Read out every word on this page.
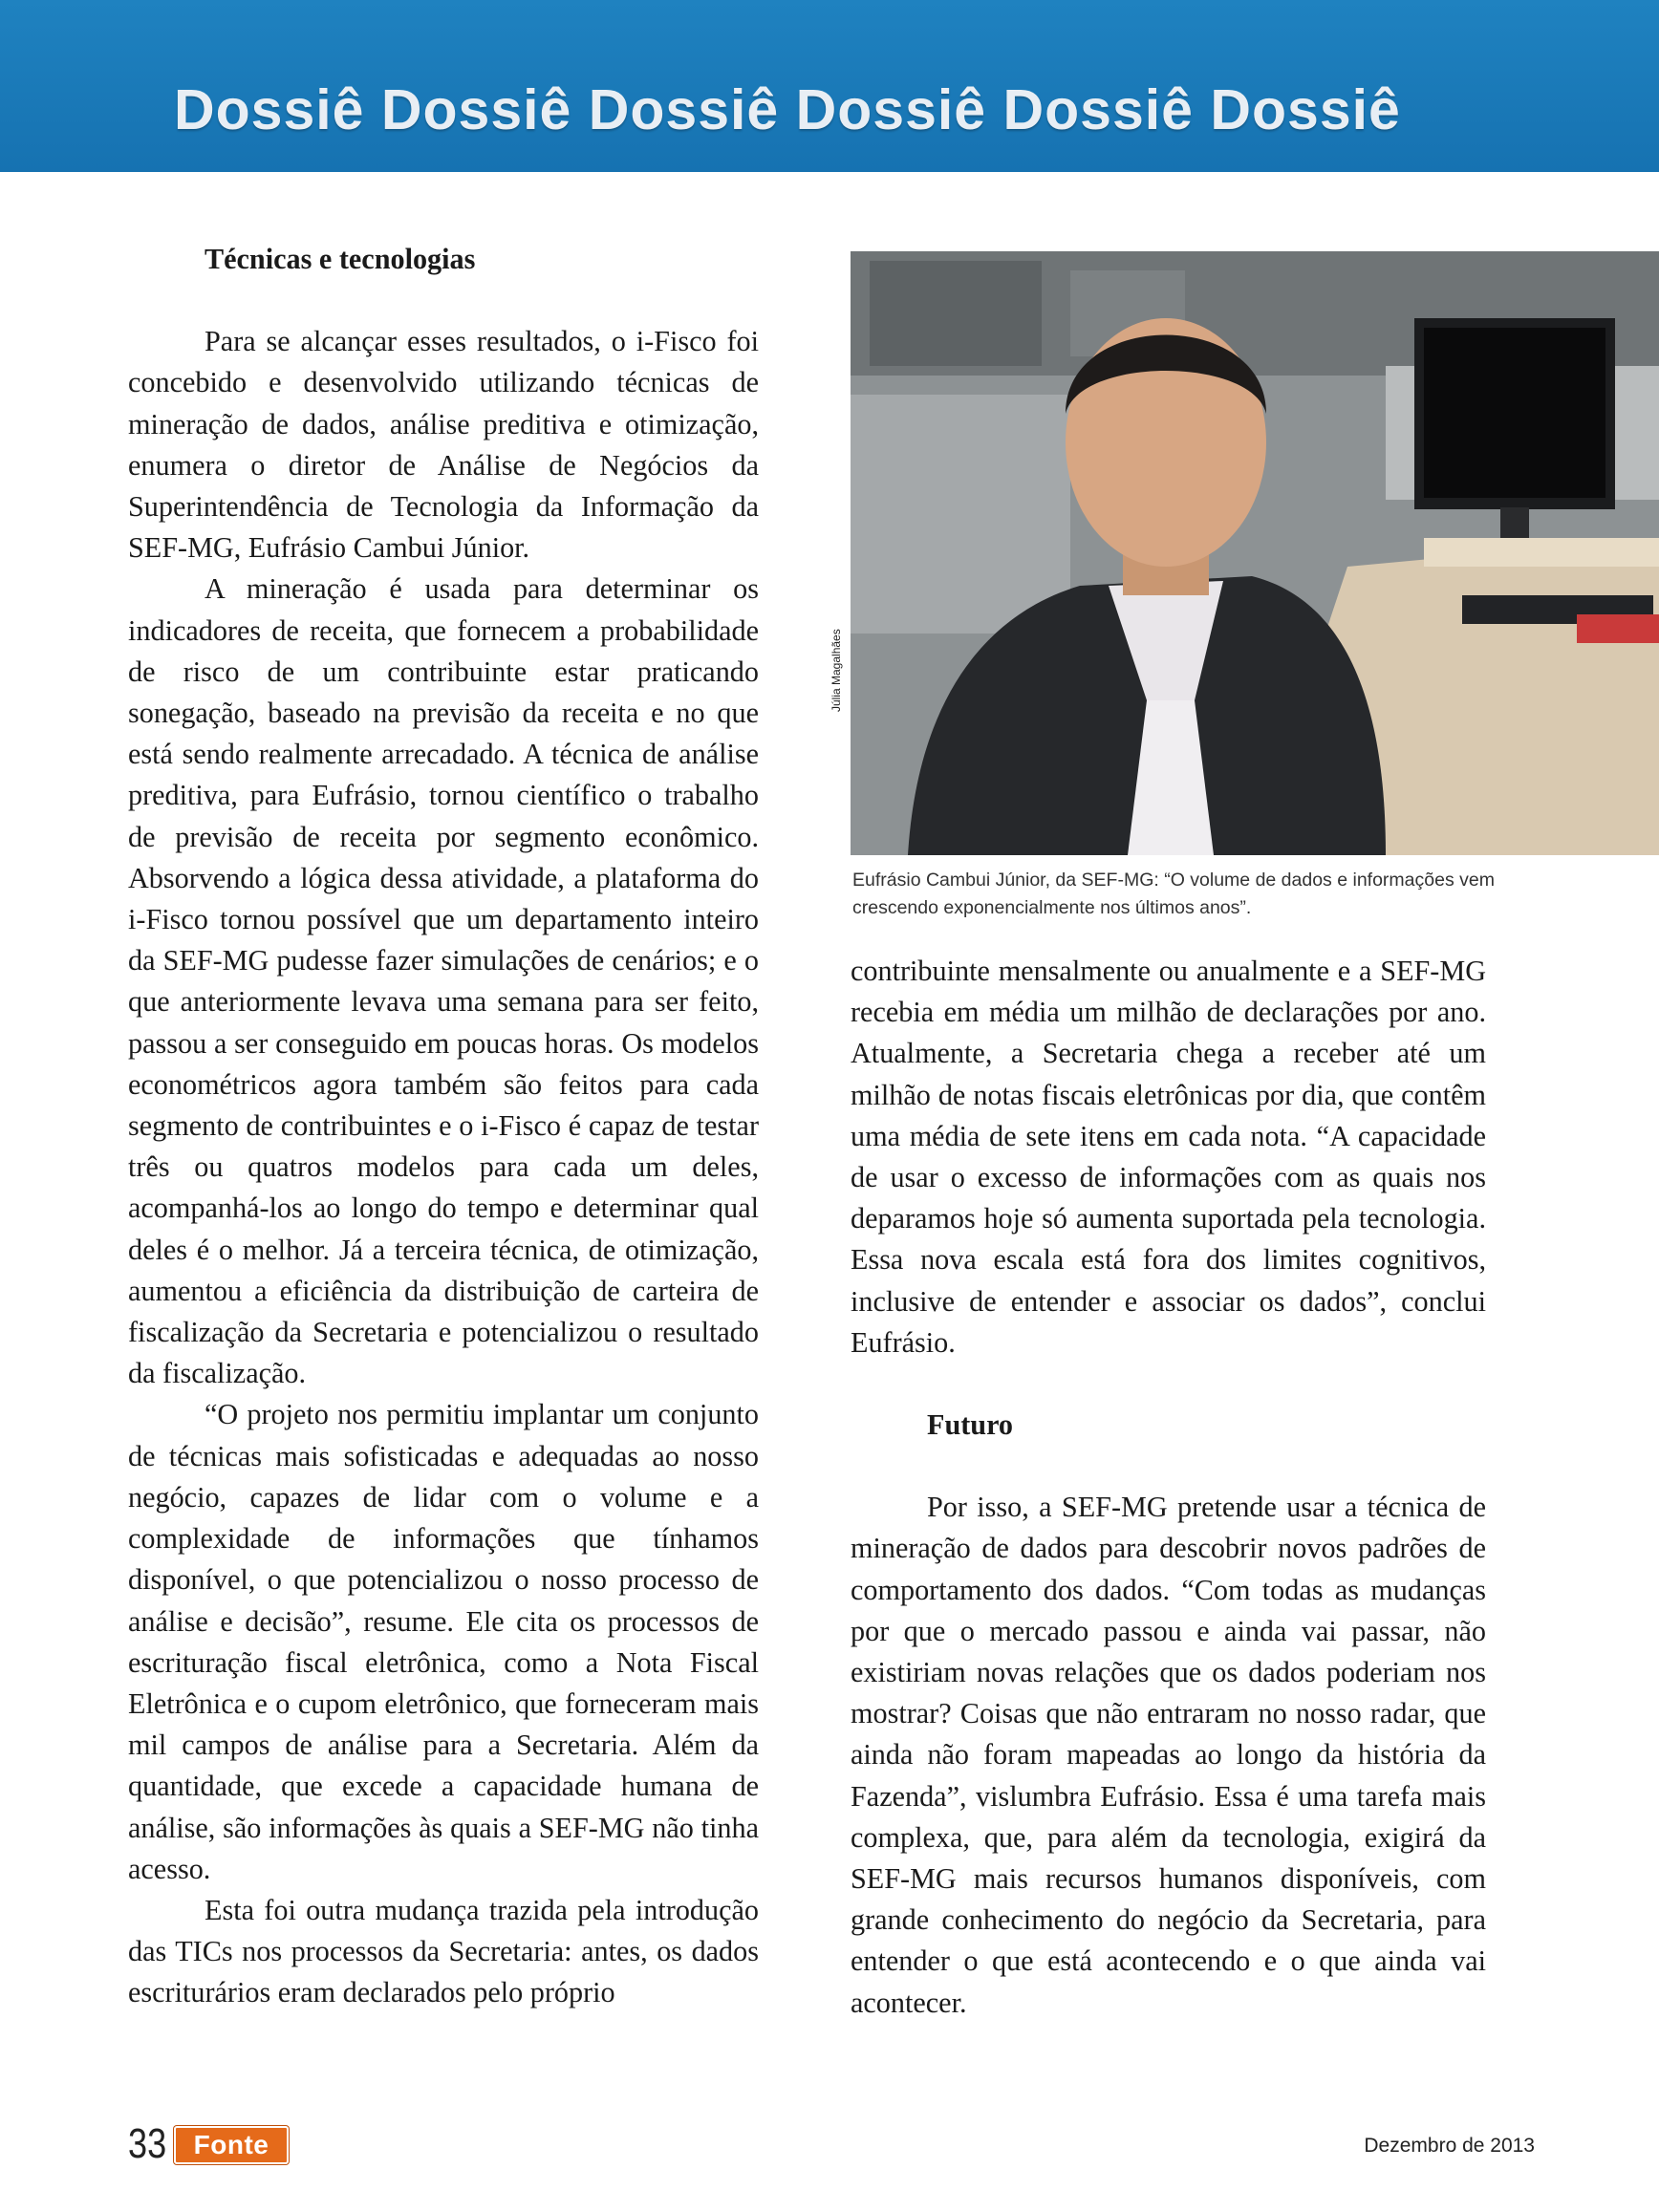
Dossiê Dossiê Dossiê Dossiê Dossiê Dossiê
Técnicas e tecnologias

Para se alcançar esses resultados, o i-Fisco foi concebido e desenvolvido utilizando técnicas de mineração de dados, análise preditiva e otimização, enumera o diretor de Análise de Negócios da Superintendência de Tecnologia da Informação da SEF-MG, Eufrásio Cambui Júnior.

A mineração é usada para determinar os indicadores de receita, que fornecem a probabilidade de risco de um contribuinte estar praticando sonegação, baseado na previsão da receita e no que está sendo realmente arrecadado. A técnica de análise preditiva, para Eufrásio, tornou científico o trabalho de previsão de receita por segmento econômico. Absorvendo a lógica dessa atividade, a plataforma do i-Fisco tornou possível que um departamento inteiro da SEF-MG pudesse fazer simulações de cenários; e o que anteriormente levava uma semana para ser feito, passou a ser conseguido em poucas horas. Os modelos econométricos agora também são feitos para cada segmento de contribuintes e o i-Fisco é capaz de testar três ou quatros modelos para cada um deles, acompanhá-los ao longo do tempo e determinar qual deles é o melhor. Já a terceira técnica, de otimização, aumentou a eficiência da distribuição de carteira de fiscalização da Secretaria e potencializou o resultado da fiscalização.

“O projeto nos permitiu implantar um conjunto de técnicas mais sofisticadas e adequadas ao nosso negócio, capazes de lidar com o volume e a complexidade de informações que tínhamos disponível, o que potencializou o nosso processo de análise e decisão”, resume. Ele cita os processos de escrituração fiscal eletrônica, como a Nota Fiscal Eletrônica e o cupom eletrônico, que forneceram mais mil campos de análise para a Secretaria. Além da quantidade, que excede a capacidade humana de análise, são informações às quais a SEF-MG não tinha acesso.

Esta foi outra mudança trazida pela introdução das TICs nos processos da Secretaria: antes, os dados escriturários eram declarados pelo próprio

Júlia Magalhães
Eufrásio Cambui Júnior, da SEF-MG: “O volume de dados e informações vem crescendo exponencialmente nos últimos anos”.

contribuinte mensalmente ou anualmente e a SEF-MG recebia em média um milhão de declarações por ano. Atualmente, a Secretaria chega a receber até um milhão de notas fiscais eletrônicas por dia, que contêm uma média de sete itens em cada nota. “A capacidade de usar o excesso de informações com as quais nos deparamos hoje só aumenta suportada pela tecnologia. Essa nova escala está fora dos limites cognitivos, inclusive de entender e associar os dados”, conclui Eufrásio.

Futuro

Por isso, a SEF-MG pretende usar a técnica de mineração de dados para descobrir novos padrões de comportamento dos dados. “Com todas as mudanças por que o mercado passou e ainda vai passar, não existiriam novas relações que os dados poderiam nos mostrar? Coisas que não entraram no nosso radar, que ainda não foram mapeadas ao longo da história da Fazenda”, vislumbra Eufrásio. Essa é uma tarefa mais complexa, que, para além da tecnologia, exigirá da SEF-MG mais recursos humanos disponíveis, com grande conhecimento do negócio da Secretaria, para entender o que está acontecendo e o que ainda vai acontecer.

33	Fonte	Dezembro de 2013
